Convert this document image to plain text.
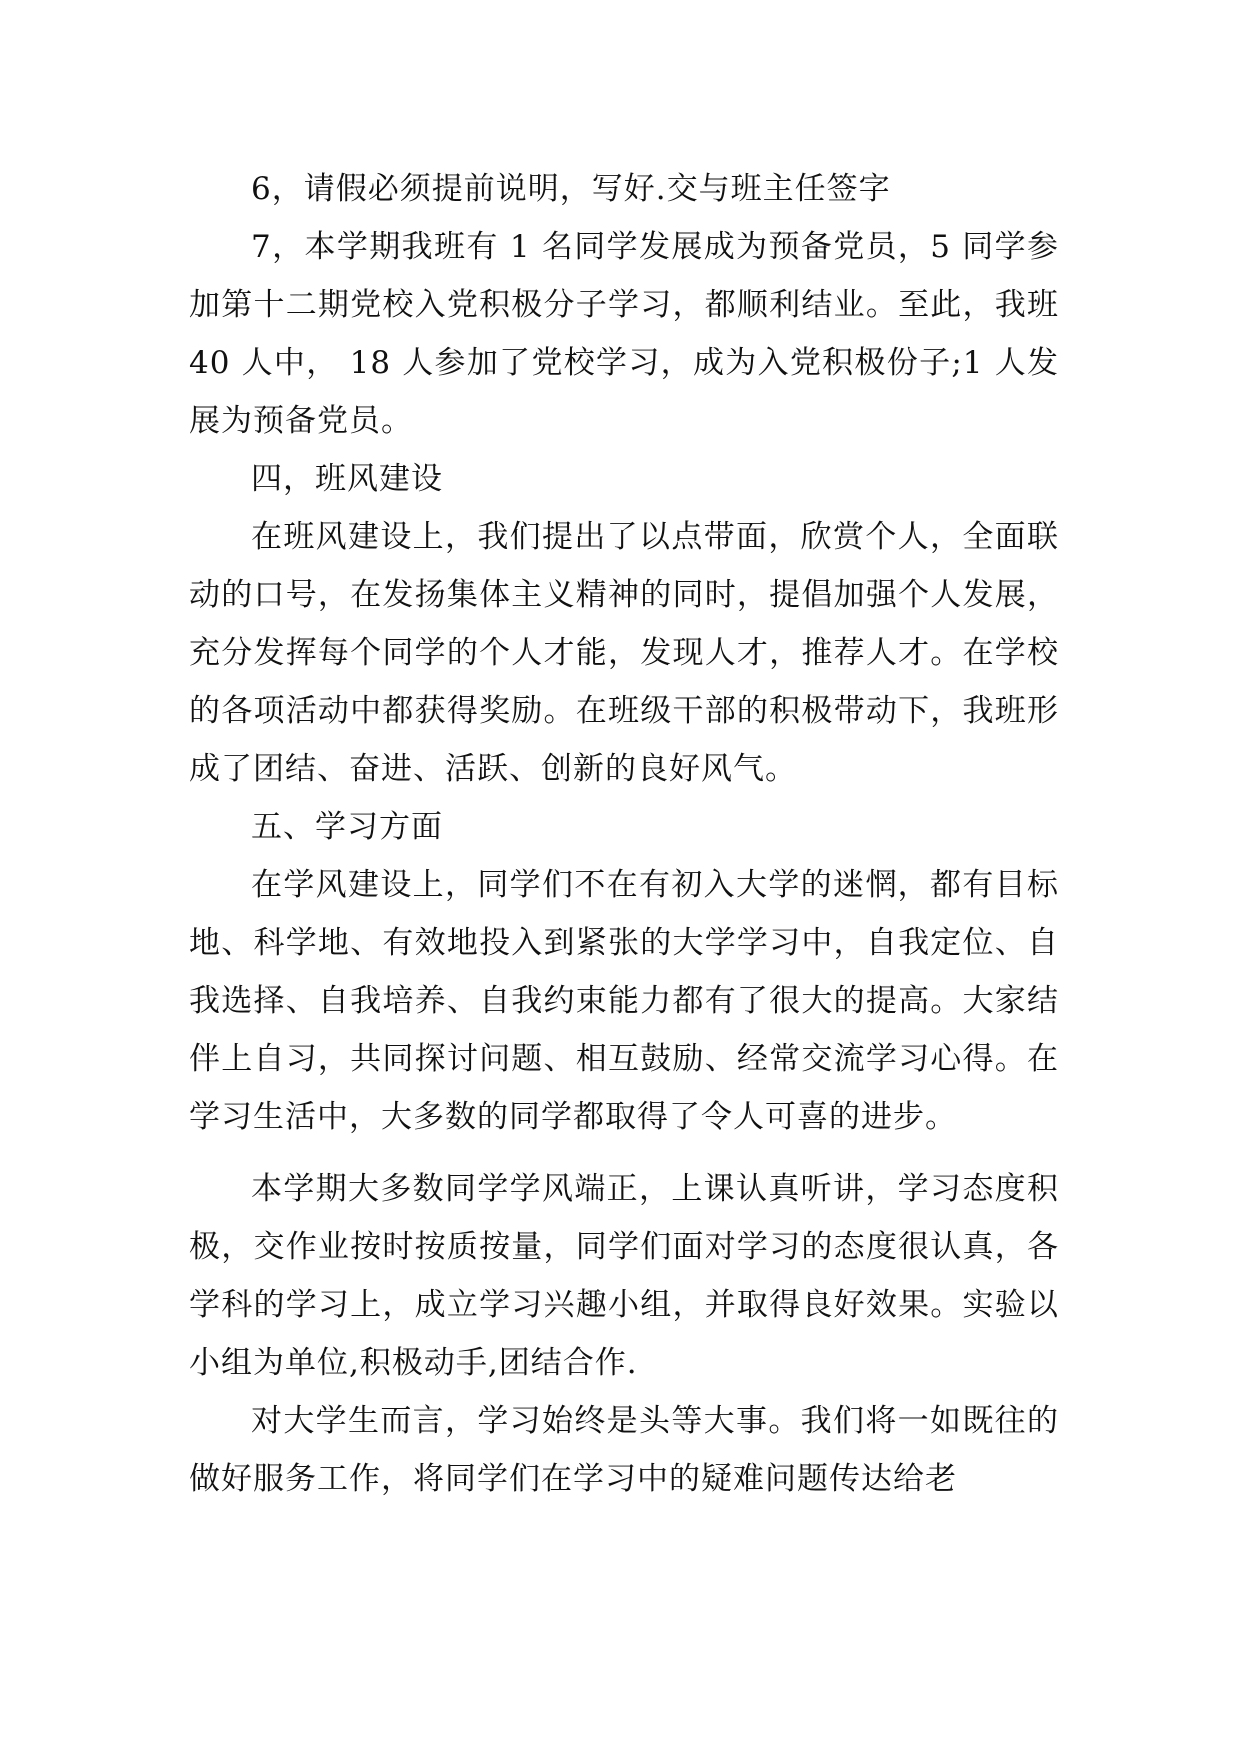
6，请假必须提前说明，写好.交与班主任签字

7，本学期我班有 1 名同学发展成为预备党员，5 同学参加第十二期党校入党积极分子学习，都顺利结业。至此，我班 40 人中， 18 人参加了党校学习，成为入党积极份子;1 人发展为预备党员。

四，班风建设

在班风建设上，我们提出了以点带面，欣赏个人，全面联动的口号，在发扬集体主义精神的同时，提倡加强个人发展，充分发挥每个同学的个人才能，发现人才，推荐人才。在学校的各项活动中都获得奖励。在班级干部的积极带动下，我班形成了团结、奋进、活跃、创新的良好风气。

五、学习方面

在学风建设上，同学们不在有初入大学的迷惘，都有目标地、科学地、有效地投入到紧张的大学学习中，自我定位、自我选择、自我培养、自我约束能力都有了很大的提高。大家结伴上自习，共同探讨问题、相互鼓励、经常交流学习心得。在学习生活中，大多数的同学都取得了令人可喜的进步。

本学期大多数同学学风端正，上课认真听讲，学习态度积极，交作业按时按质按量，同学们面对学习的态度很认真，各学科的学习上，成立学习兴趣小组，并取得良好效果。实验以小组为单位,积极动手,团结合作.

对大学生而言，学习始终是头等大事。我们将一如既往的做好服务工作，将同学们在学习中的疑难问题传达给老
